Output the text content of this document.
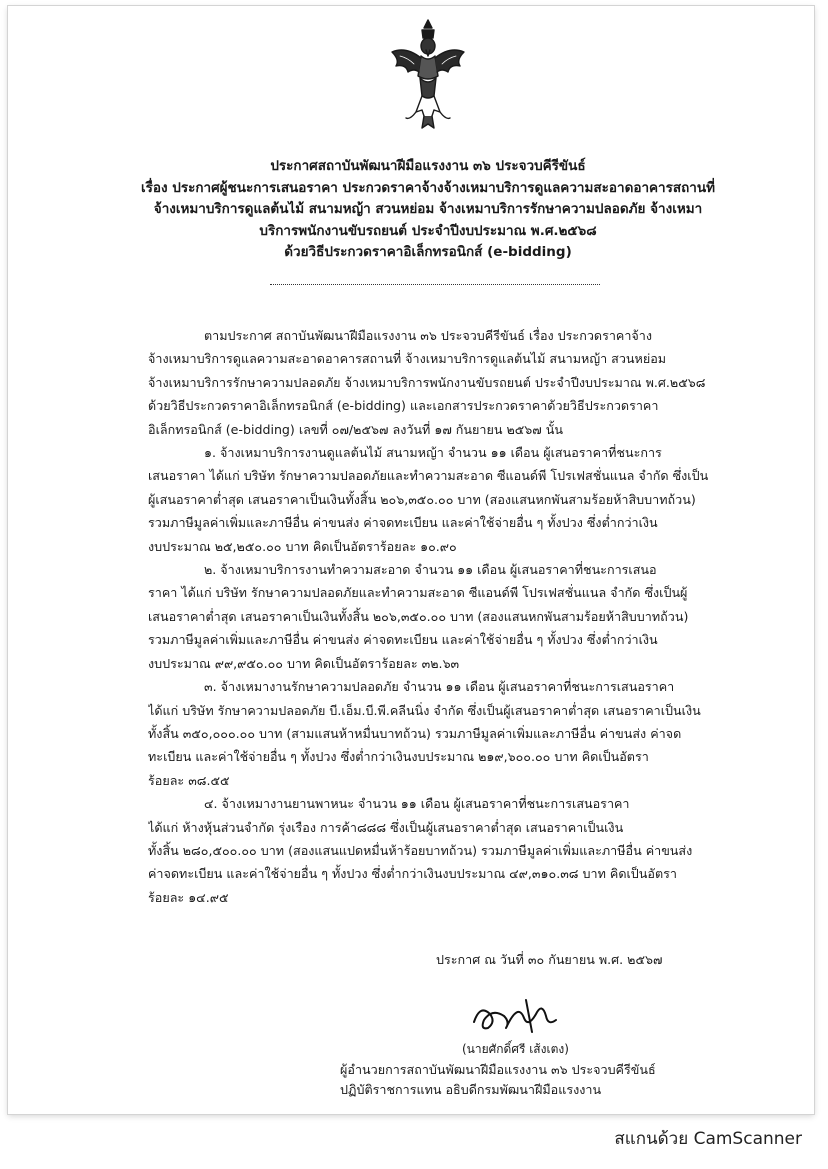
ประกาศสถาบันพัฒนาฝีมือแรงงาน ๓๖ ประจวบคีรีขันธ์
เรื่อง ประกาศผู้ชนะการเสนอราคา ประกวดราคาจ้างจ้างเหมาบริการดูแลความสะอาดอาคารสถานที่
จ้างเหมาบริการดูแลต้นไม้ สนามหญ้า สวนหย่อม จ้างเหมาบริการรักษาความปลอดภัย จ้างเหมา
บริการพนักงานขับรถยนต์ ประจำปีงบประมาณ พ.ศ.๒๕๖๘
ด้วยวิธีประกวดราคาอิเล็กทรอนิกส์ (e-bidding)

ตามประกาศ สถาบันพัฒนาฝีมือแรงงาน ๓๖ ประจวบคีรีขันธ์ เรื่อง ประกวดราคาจ้าง
จ้างเหมาบริการดูแลความสะอาดอาคารสถานที่ จ้างเหมาบริการดูแลต้นไม้ สนามหญ้า สวนหย่อม
จ้างเหมาบริการรักษาความปลอดภัย จ้างเหมาบริการพนักงานขับรถยนต์ ประจำปีงบประมาณ พ.ศ.๒๕๖๘
ด้วยวิธีประกวดราคาอิเล็กทรอนิกส์ (e-bidding) และเอกสารประกวดราคาด้วยวิธีประกวดราคา
อิเล็กทรอนิกส์ (e-bidding) เลขที่ ๐๗/๒๕๖๗ ลงวันที่ ๑๗ กันยายน ๒๕๖๗ นั้น

๑. จ้างเหมาบริการงานดูแลต้นไม้ สนามหญ้า จำนวน ๑๑ เดือน ผู้เสนอราคาที่ชนะการ
เสนอราคา ได้แก่ บริษัท รักษาความปลอดภัยและทำความสะอาด ซีแอนด์พี โปรเฟสชั่นแนล จำกัด ซึ่งเป็น
ผู้เสนอราคาต่ำสุด เสนอราคาเป็นเงินทั้งสิ้น ๒๐๖,๓๕๐.๐๐ บาท (สองแสนหกพันสามร้อยห้าสิบบาทถ้วน)
รวมภาษีมูลค่าเพิ่มและภาษีอื่น ค่าขนส่ง ค่าจดทะเบียน และค่าใช้จ่ายอื่น ๆ ทั้งปวง ซึ่งต่ำกว่าเงิน
งบประมาณ ๒๕,๒๕๐.๐๐ บาท คิดเป็นอัตราร้อยละ ๑๐.๙๐

๒. จ้างเหมาบริการงานทำความสะอาด จำนวน ๑๑ เดือน ผู้เสนอราคาที่ชนะการเสนอ
ราคา ได้แก่ บริษัท รักษาความปลอดภัยและทำความสะอาด ซีแอนด์พี โปรเฟสชั่นแนล จำกัด ซึ่งเป็นผู้
เสนอราคาต่ำสุด เสนอราคาเป็นเงินทั้งสิ้น ๒๐๖,๓๕๐.๐๐ บาท (สองแสนหกพันสามร้อยห้าสิบบาทถ้วน)
รวมภาษีมูลค่าเพิ่มและภาษีอื่น ค่าขนส่ง ค่าจดทะเบียน และค่าใช้จ่ายอื่น ๆ ทั้งปวง ซึ่งต่ำกว่าเงิน
งบประมาณ ๙๙,๙๕๐.๐๐ บาท คิดเป็นอัตราร้อยละ ๓๒.๖๓

๓. จ้างเหมางานรักษาความปลอดภัย จำนวน ๑๑ เดือน ผู้เสนอราคาที่ชนะการเสนอราคา
ได้แก่ บริษัท รักษาความปลอดภัย บี.เอ็ม.บี.พี.คลีนนิ่ง จำกัด ซึ่งเป็นผู้เสนอราคาต่ำสุด เสนอราคาเป็นเงิน
ทั้งสิ้น ๓๕๐,๐๐๐.๐๐ บาท (สามแสนห้าหมื่นบาทถ้วน) รวมภาษีมูลค่าเพิ่มและภาษีอื่น ค่าขนส่ง ค่าจด
ทะเบียน และค่าใช้จ่ายอื่น ๆ ทั้งปวง ซึ่งต่ำกว่าเงินงบประมาณ ๒๑๙,๖๐๐.๐๐ บาท คิดเป็นอัตรา
ร้อยละ ๓๘.๕๕

๔. จ้างเหมางานยานพาหนะ จำนวน ๑๑ เดือน ผู้เสนอราคาที่ชนะการเสนอราคา
ได้แก่ ห้างหุ้นส่วนจำกัด รุ่งเรือง การค้า๘๘๘ ซึ่งเป็นผู้เสนอราคาต่ำสุด เสนอราคาเป็นเงิน
ทั้งสิ้น ๒๘๐,๕๐๐.๐๐ บาท (สองแสนแปดหมื่นห้าร้อยบาทถ้วน) รวมภาษีมูลค่าเพิ่มและภาษีอื่น ค่าขนส่ง
ค่าจดทะเบียน และค่าใช้จ่ายอื่น ๆ ทั้งปวง ซึ่งต่ำกว่าเงินงบประมาณ ๔๙,๓๑๐.๓๘ บาท คิดเป็นอัตรา
ร้อยละ ๑๔.๙๕

ประกาศ ณ วันที่ ๓๐ กันยายน พ.ศ. ๒๕๖๗
(นายศักดิ์ศรี เส้งเตง)
ผู้อำนวยการสถาบันพัฒนาฝีมือแรงงาน ๓๖ ประจวบคีรีขันธ์
ปฏิบัติราชการแทน อธิบดีกรมพัฒนาฝีมือแรงงาน
สแกนด้วย CamScanner
